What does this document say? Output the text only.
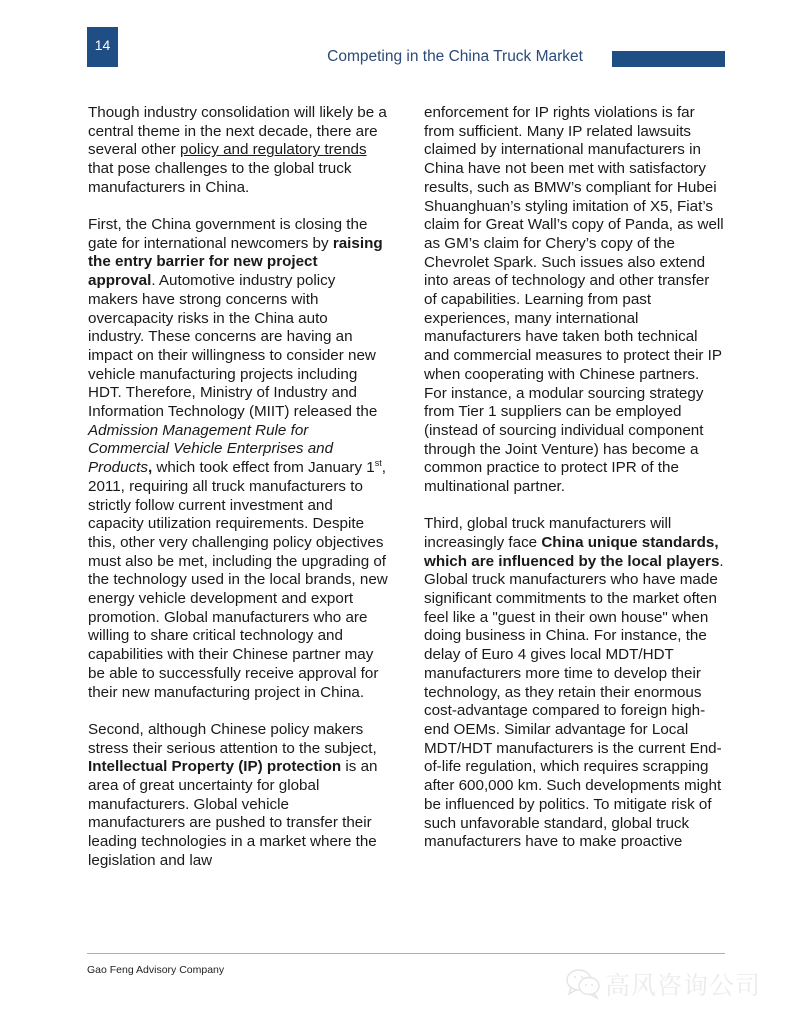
14
Competing in the China Truck Market

Though industry consolidation will likely be a central theme in the next decade, there are several other policy and regulatory trends that pose challenges to the global truck manufacturers in China.

First, the China government is closing the gate for international newcomers by raising the entry barrier for new project approval. Automotive industry policy makers have strong concerns with overcapacity risks in the China auto industry. These concerns are having an impact on their willingness to consider new vehicle manufacturing projects including HDT. Therefore, Ministry of Industry and Information Technology (MIIT) released the Admission Management Rule for Commercial Vehicle Enterprises and Products, which took effect from January 1st, 2011, requiring all truck manufacturers to strictly follow current investment and capacity utilization requirements. Despite this, other very challenging policy objectives must also be met, including the upgrading of the technology used in the local brands, new energy vehicle development and export promotion. Global manufacturers who are willing to share critical technology and capabilities with their Chinese partner may be able to successfully receive approval for their new manufacturing project in China.

Second, although Chinese policy makers stress their serious attention to the subject, Intellectual Property (IP) protection is an area of great uncertainty for global manufacturers. Global vehicle manufacturers are pushed to transfer their leading technologies in a market where the legislation and law

enforcement for IP rights violations is far from sufficient. Many IP related lawsuits claimed by international manufacturers in China have not been met with satisfactory results, such as BMW’s compliant for Hubei Shuanghuan’s styling imitation of X5, Fiat’s claim for Great Wall’s copy of Panda, as well as GM’s claim for Chery’s copy of the Chevrolet Spark. Such issues also extend into areas of technology and other transfer of capabilities. Learning from past experiences, many international manufacturers have taken both technical and commercial measures to protect their IP when cooperating with Chinese partners. For instance, a modular sourcing strategy from Tier 1 suppliers can be employed (instead of sourcing individual component through the Joint Venture) has become a common practice to protect IPR of the multinational partner.

Third, global truck manufacturers will increasingly face China unique standards, which are influenced by the local players. Global truck manufacturers who have made significant commitments to the market often feel like a "guest in their own house" when doing business in China. For instance, the delay of Euro 4 gives local MDT/HDT manufacturers more time to develop their technology, as they retain their enormous cost-advantage compared to foreign high-end OEMs. Similar advantage for Local MDT/HDT manufacturers is the current End-of-life regulation, which requires scrapping after 600,000 km. Such developments might be influenced by politics. To mitigate risk of such unfavorable standard, global truck manufacturers have to make proactive

Gao Feng Advisory Company
高风咨询公司
